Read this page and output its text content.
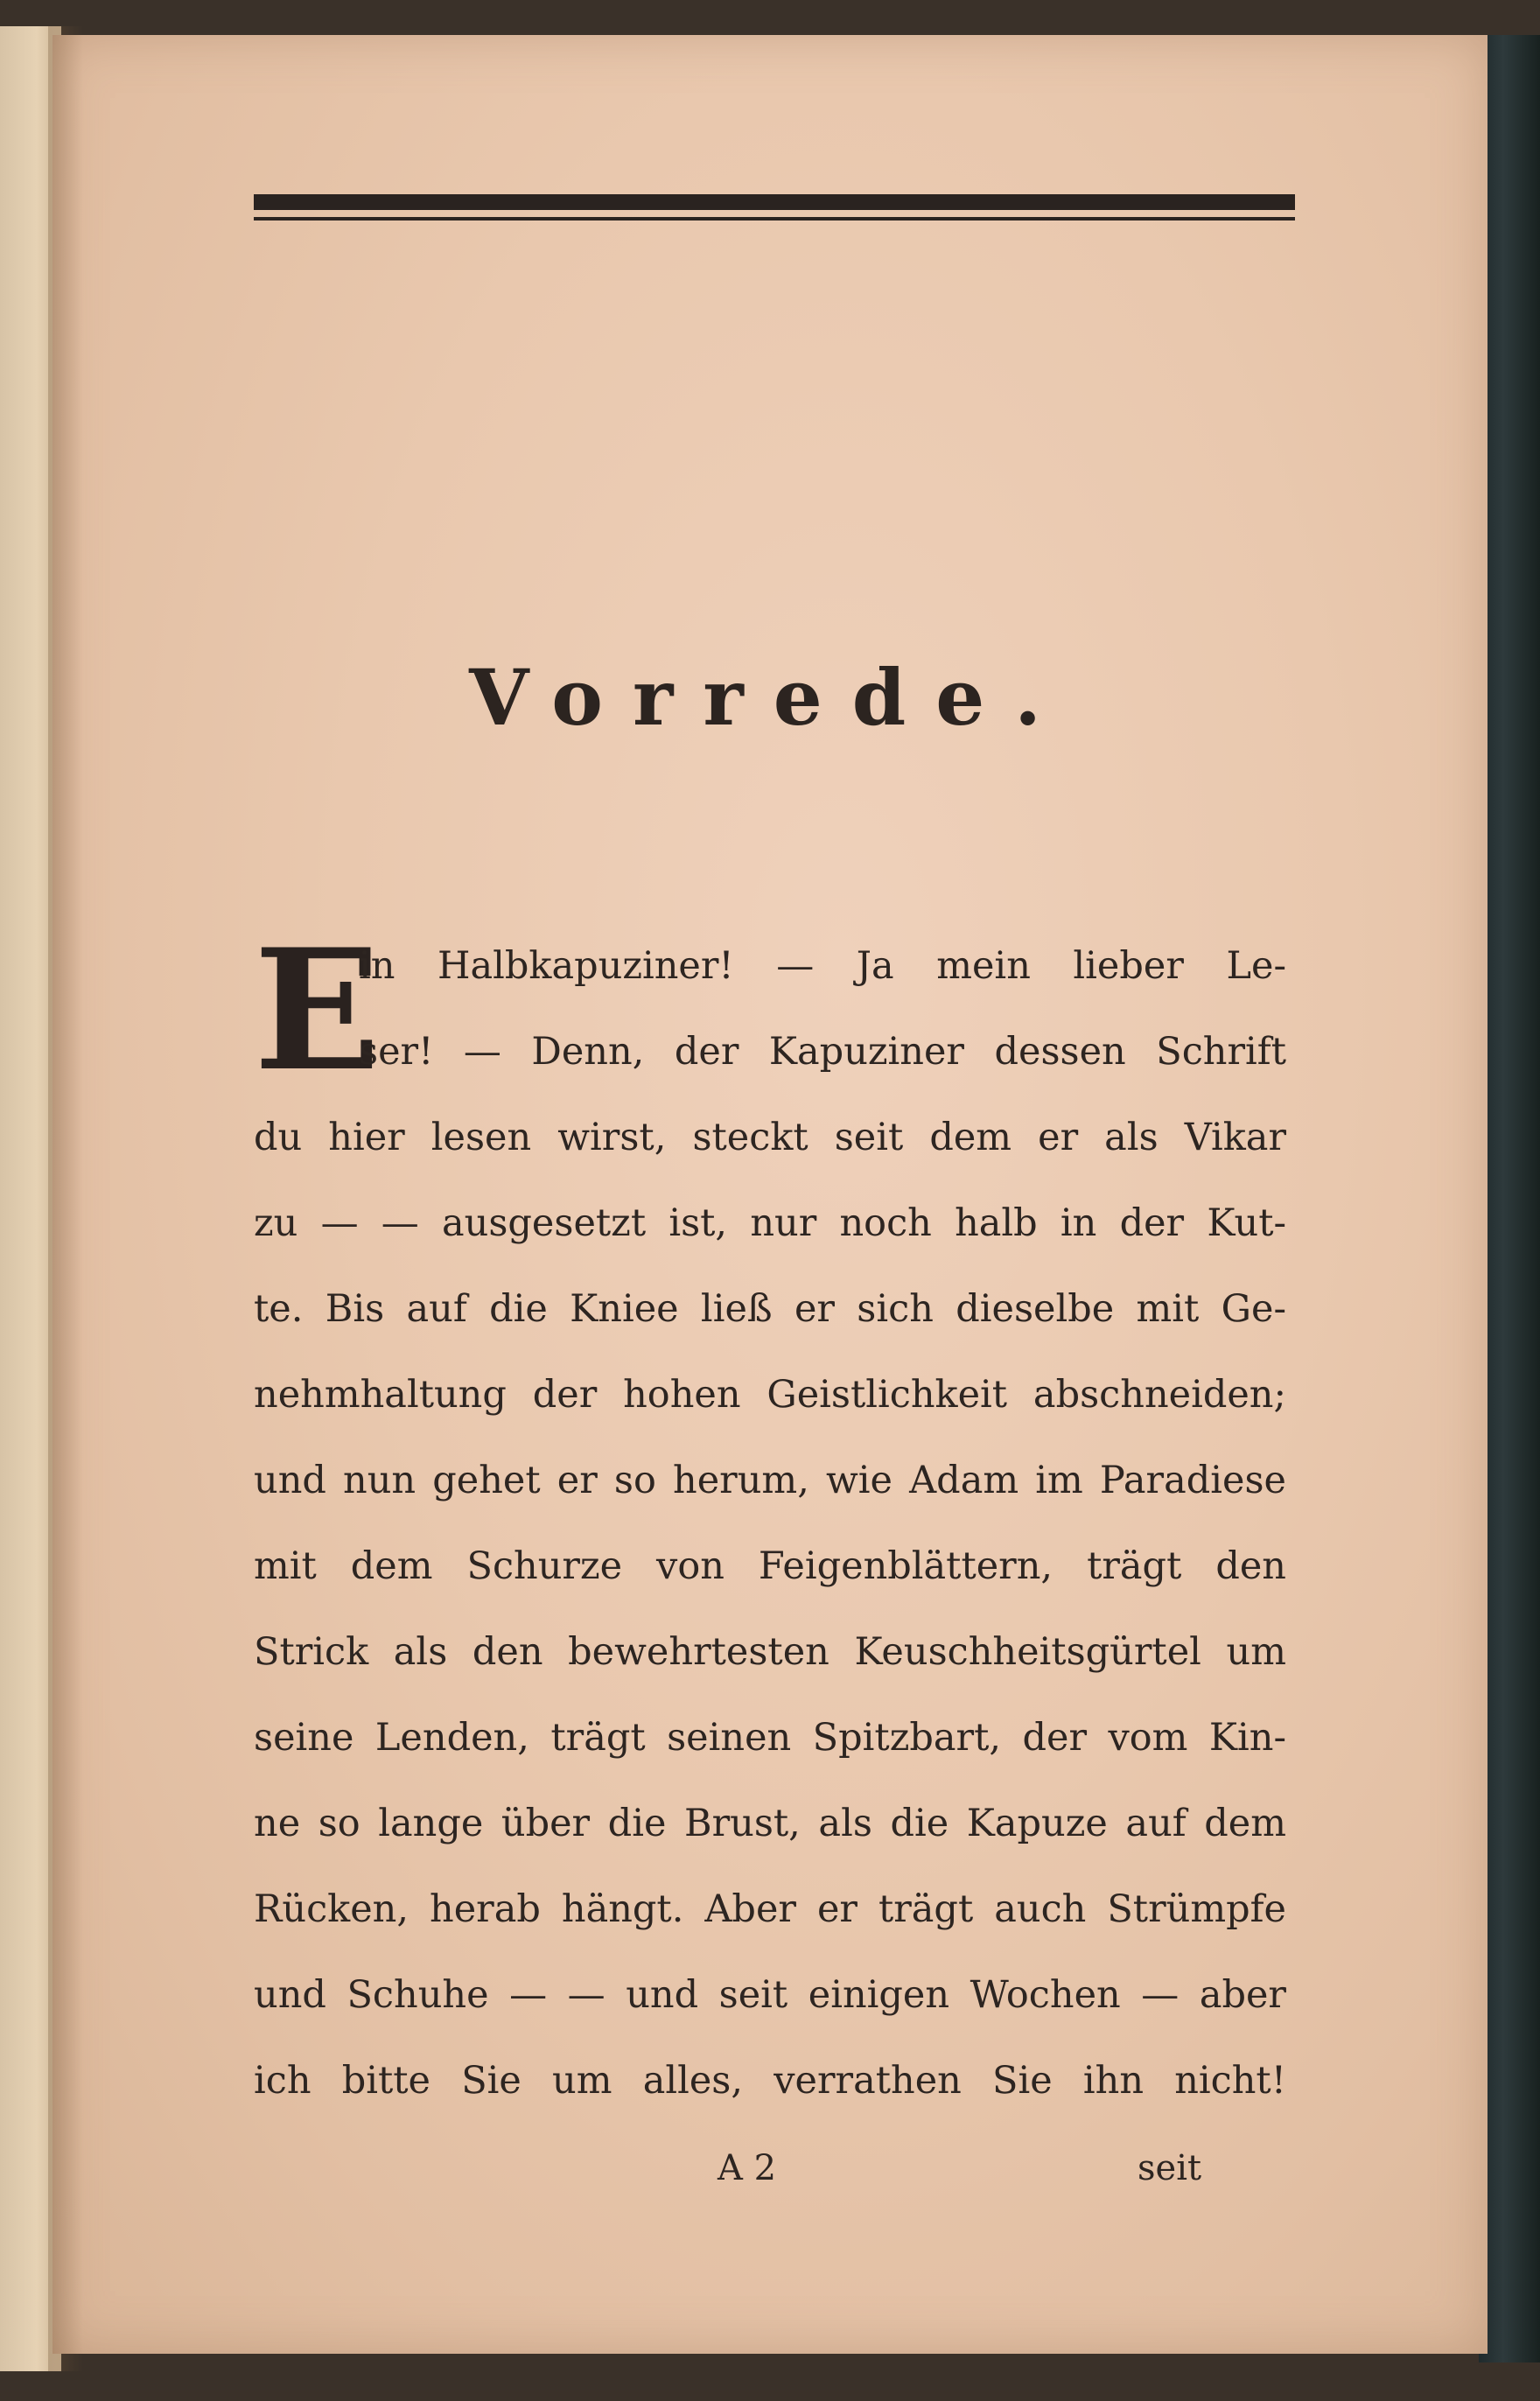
Vorrede.
E
in Halbkapuziner! — Ja mein lieber Le-
ser! — Denn, der Kapuziner dessen Schrift
du hier lesen wirst, steckt seit dem er als Vikar
zu — — ausgesetzt ist, nur noch halb in der Kut-
te. Bis auf die Kniee ließ er sich dieselbe mit Ge-
nehmhaltung der hohen Geistlichkeit abschneiden;
und nun gehet er so herum, wie Adam im Paradiese
mit dem Schurze von Feigenblättern, trägt den
Strick als den bewehrtesten Keuschheitsgürtel um
seine Lenden, trägt seinen Spitzbart, der vom Kin-
ne so lange über die Brust, als die Kapuze auf dem
Rücken, herab hängt. Aber er trägt auch Strümpfe
und Schuhe — — und seit einigen Wochen — aber
ich bitte Sie um alles, verrathen Sie ihn nicht!
A 2	seit
